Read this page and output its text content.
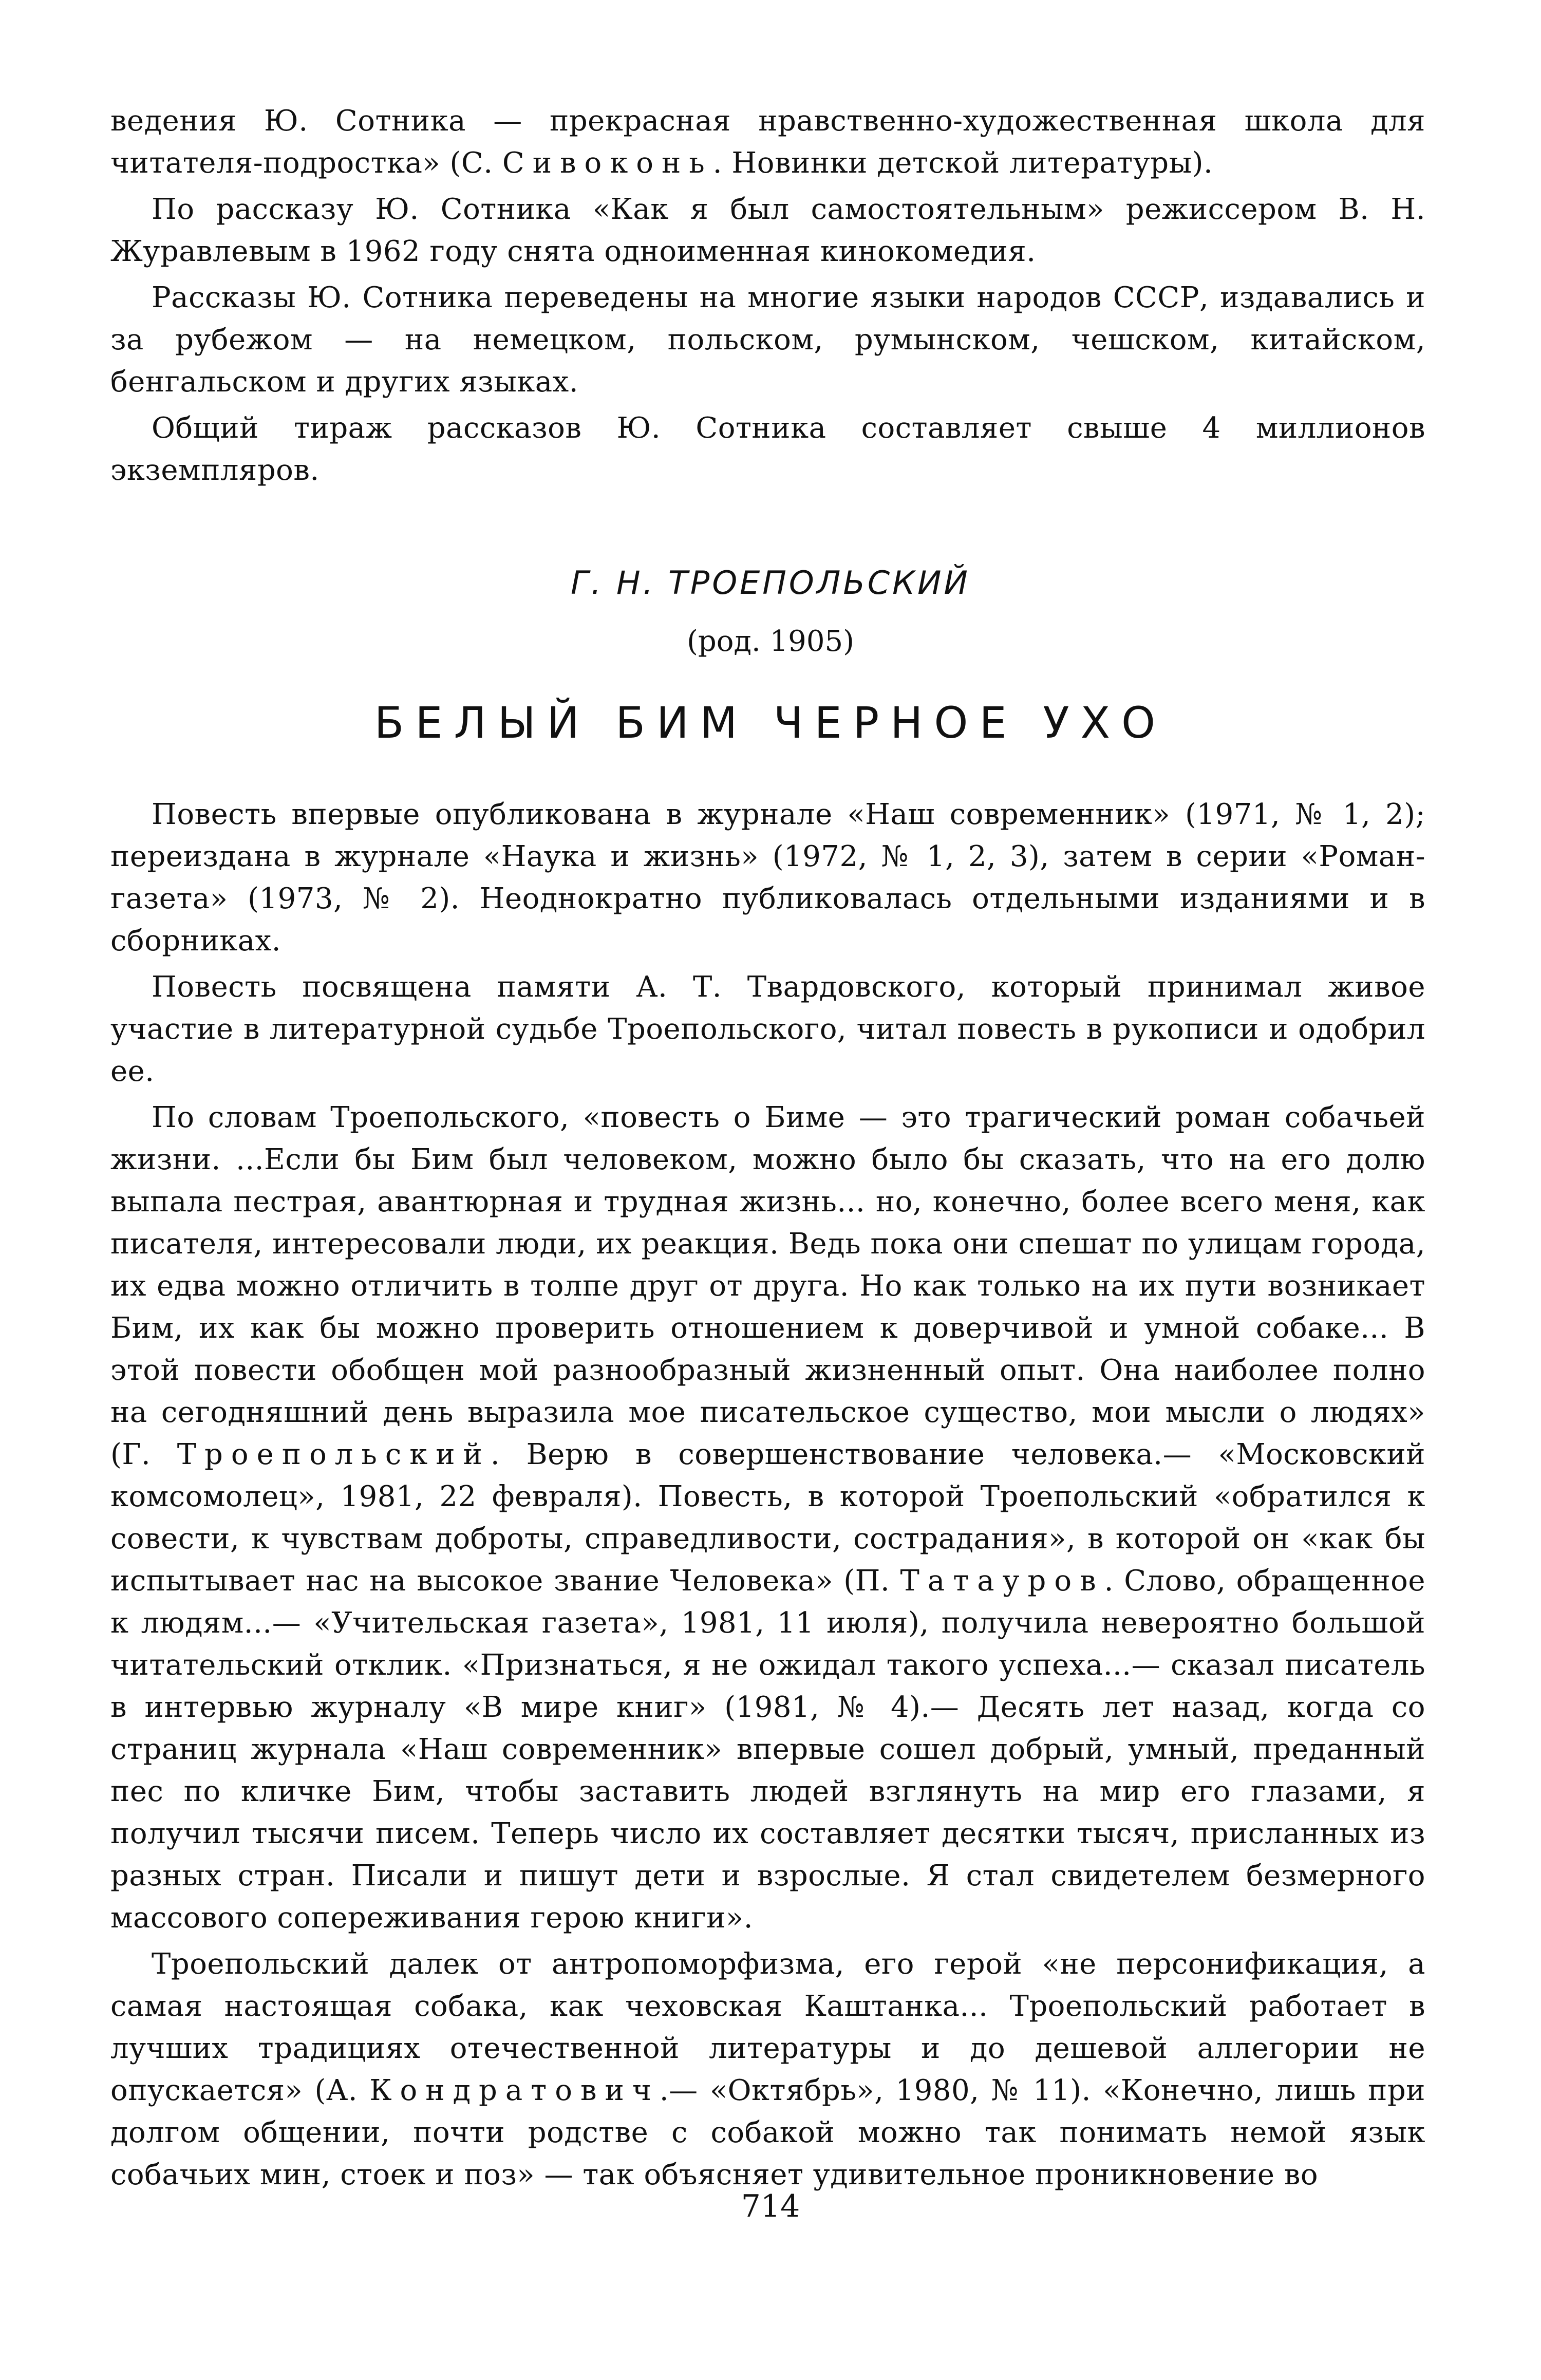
ведения Ю. Сотника — прекрасная нравственно-художественная школа для читателя-подростка» (С. Сивоконь. Новинки детской литературы).

По рассказу Ю. Сотника «Как я был самостоятельным» режиссером В. Н. Журавлевым в 1962 году снята одноименная кинокомедия.

Рассказы Ю. Сотника переведены на многие языки народов СССР, издавались и за рубежом — на немецком, польском, румынском, чешском, китайском, бенгальском и других языках.

Общий тираж рассказов Ю. Сотника составляет свыше 4 миллионов экземпляров.

Г. Н. ТРОЕПОЛЬСКИЙ
(род. 1905)
БЕЛЫЙ БИМ ЧЕРНОЕ УХО

Повесть впервые опубликована в журнале «Наш современник» (1971, № 1, 2); переиздана в журнале «Наука и жизнь» (1972, № 1, 2, 3), затем в серии «Роман-газета» (1973, № 2). Неоднократно публиковалась отдельными изданиями и в сборниках.

Повесть посвящена памяти А. Т. Твардовского, который принимал живое участие в литературной судьбе Троепольского, читал повесть в рукописи и одобрил ее.

По словам Троепольского, «повесть о Биме — это трагический роман собачьей жизни. ...Если бы Бим был человеком, можно было бы сказать, что на его долю выпала пестрая, авантюрная и трудная жизнь... но, конечно, более всего меня, как писателя, интересовали люди, их реакция. Ведь пока они спешат по улицам города, их едва можно отличить в толпе друг от друга. Но как только на их пути возникает Бим, их как бы можно проверить отношением к доверчивой и умной собаке... В этой повести обобщен мой разнообразный жизненный опыт. Она наиболее полно на сегодняшний день выразила мое писательское существо, мои мысли о людях» (Г. Троепольский. Верю в совершенствование человека.— «Московский комсомолец», 1981, 22 февраля). Повесть, в которой Троепольский «обратился к совести, к чувствам доброты, справедливости, сострадания», в которой он «как бы испытывает нас на высокое звание Человека» (П. Татауров. Слово, обращенное к людям...— «Учительская газета», 1981, 11 июля), получила невероятно большой читательский отклик. «Признаться, я не ожидал такого успеха...— сказал писатель в интервью журналу «В мире книг» (1981, № 4).— Десять лет назад, когда со страниц журнала «Наш современник» впервые сошел добрый, умный, преданный пес по кличке Бим, чтобы заставить людей взглянуть на мир его глазами, я получил тысячи писем. Теперь число их составляет десятки тысяч, присланных из разных стран. Писали и пишут дети и взрослые. Я стал свидетелем безмерного массового сопереживания герою книги».

Троепольский далек от антропоморфизма, его герой «не персонификация, а самая настоящая собака, как чеховская Каштанка... Троепольский работает в лучших традициях отечественной литературы и до дешевой аллегории не опускается» (А. Кондратович.— «Октябрь», 1980, № 11). «Конечно, лишь при долгом общении, почти родстве с собакой можно так понимать немой язык собачьих мин, стоек и поз» — так объясняет удивительное проникновение во

714
